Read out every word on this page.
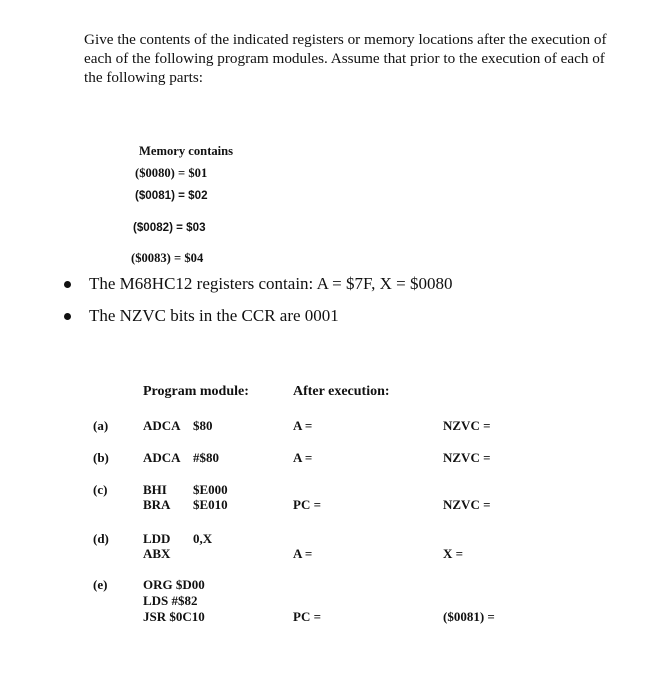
Give the contents of the indicated registers or memory locations after the execution of
each of the following program modules. Assume that prior to the execution of each of
the following parts:
Memory contains
($0080) = $01
($0081) = $02
($0082) = $03
($0083) = $04
The M68HC12 registers contain: A = $7F, X = $0080
The NZVC bits in the CCR are 0001
Program module:	After execution:
(a)	ADCA $80	A =	NZVC =
(b)	ADCA #$80	A =	NZVC =
(c)	BHI $E000
BRA $E010	PC =	NZVC =
(d)	LDD 0,X
ABX	A =	X =
(e)	ORG $D00
LDS #$82
JSR $0C10	PC =	($0081) =
